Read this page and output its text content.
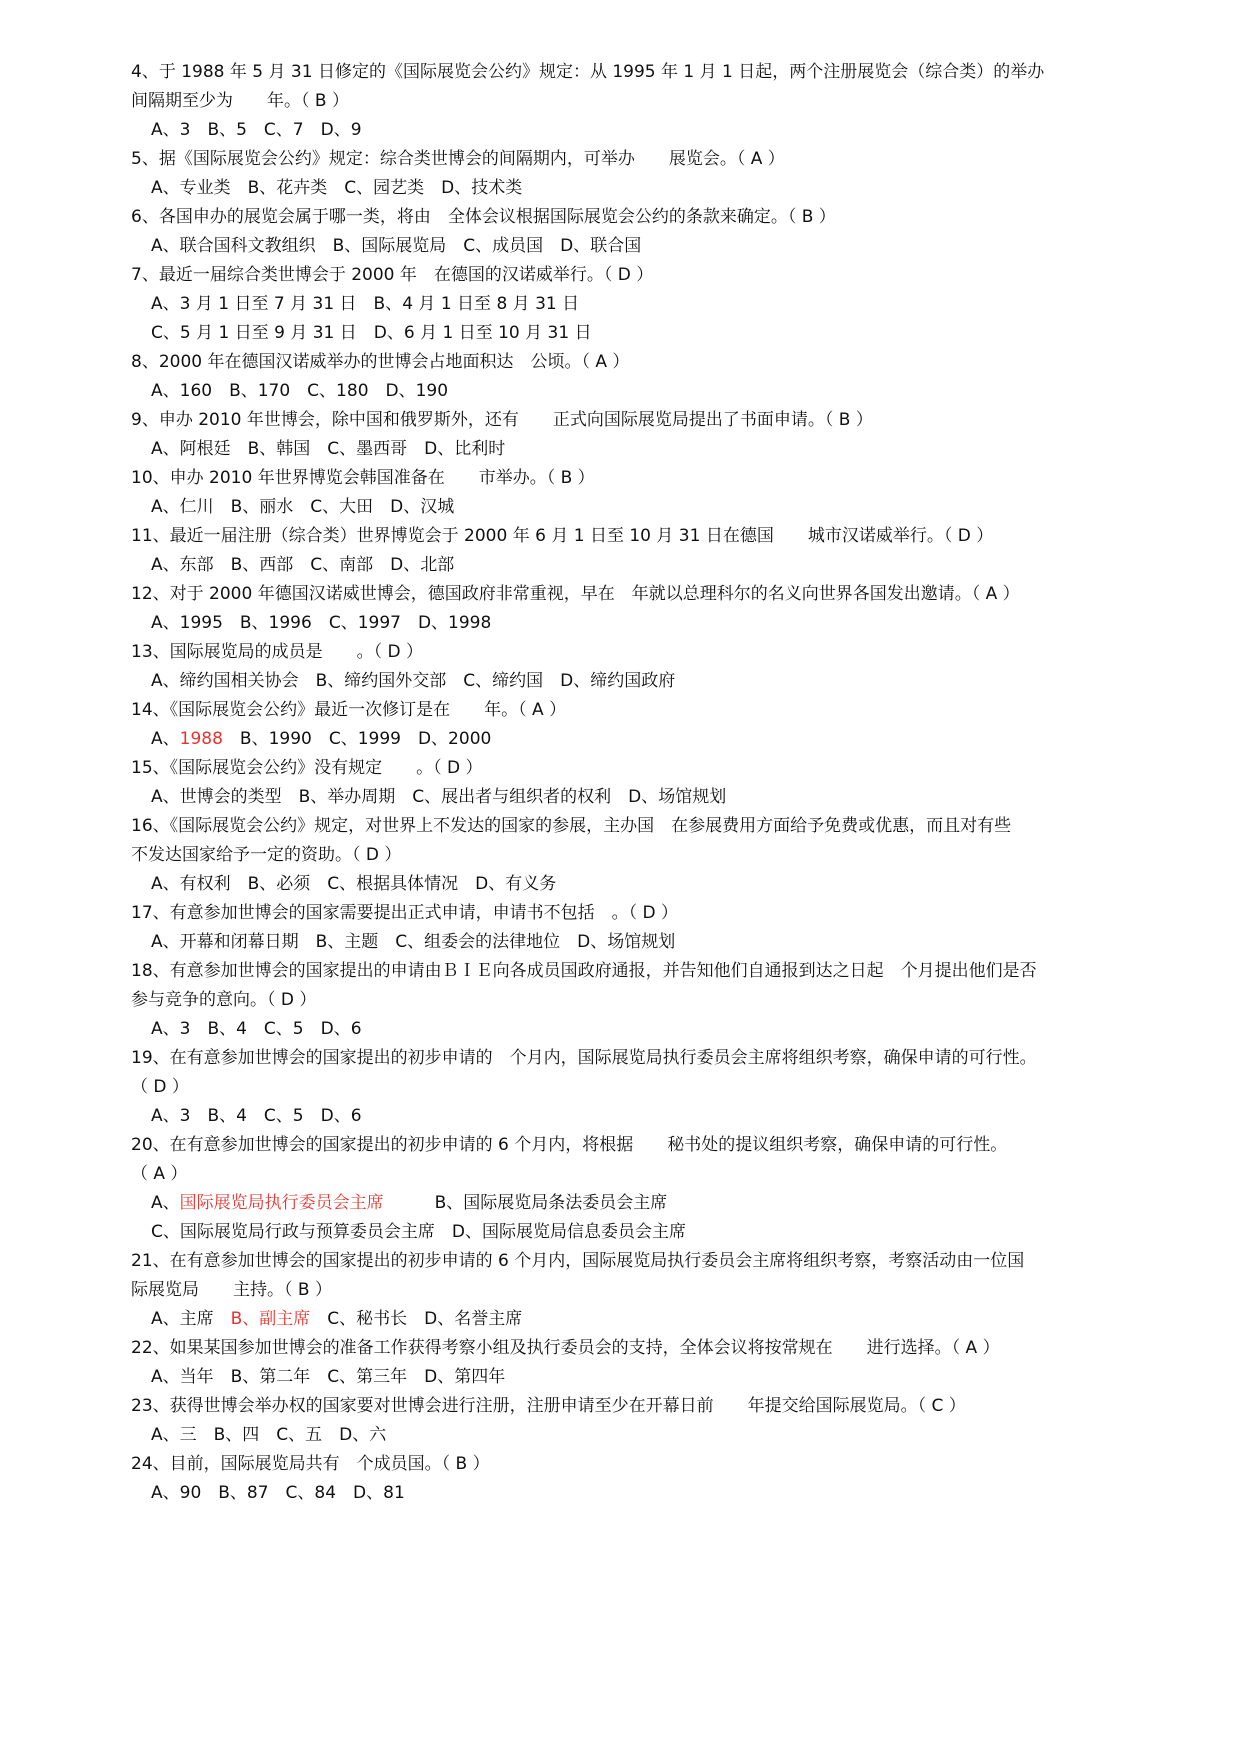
4、于 1988 年 5 月 31 日修定的《国际展览会公约》规定：从 1995 年 1 月 1 日起，两个注册展览会（综合类）的举办

间隔期至少为　　年。（ B ）

A、3　B、5　C、7　D、9

5、据《国际展览会公约》规定：综合类世博会的间隔期内，可举办　　展览会。（ A ）

A、专业类　B、花卉类　C、园艺类　D、技术类

6、各国申办的展览会属于哪一类，将由　全体会议根据国际展览会公约的条款来确定。（ B ）

A、联合国科文教组织　B、国际展览局　C、成员国　D、联合国

7、最近一届综合类世博会于 2000 年　在德国的汉诺威举行。（ D ）

A、3 月 1 日至 7 月 31 日　B、4 月 1 日至 8 月 31 日

C、5 月 1 日至 9 月 31 日　D、6 月 1 日至 10 月 31 日

8、2000 年在德国汉诺威举办的世博会占地面积达　公顷。（ A ）

A、160　B、170　C、180　D、190

9、申办 2010 年世博会，除中国和俄罗斯外，还有　　正式向国际展览局提出了书面申请。（ B ）

A、阿根廷　B、韩国　C、墨西哥　D、比利时

10、申办 2010 年世界博览会韩国准备在　　市举办。（ B ）

A、仁川　B、丽水　C、大田　D、汉城

11、最近一届注册（综合类）世界博览会于 2000 年 6 月 1 日至 10 月 31 日在德国　　城市汉诺威举行。（ D ）

A、东部　B、西部　C、南部　D、北部

12、对于 2000 年德国汉诺威世博会，德国政府非常重视，早在　年就以总理科尔的名义向世界各国发出邀请。（ A ）

A、1995　B、1996　C、1997　D、1998

13、国际展览局的成员是　　。（ D ）

A、缔约国相关协会　B、缔约国外交部　C、缔约国　D、缔约国政府

14、《国际展览会公约》最近一次修订是在　　年。（ A ）

A、1988　B、1990　C、1999　D、2000

15、《国际展览会公约》没有规定　　。（ D ）

A、世博会的类型　B、举办周期　C、展出者与组织者的权利　D、场馆规划

16、《国际展览会公约》规定，对世界上不发达的国家的参展，主办国　在参展费用方面给予免费或优惠，而且对有些

不发达国家给予一定的资助。（ D ）

A、有权利　B、必须　C、根据具体情况　D、有义务

17、有意参加世博会的国家需要提出正式申请，申请书不包括　。（ D ）

A、开幕和闭幕日期　B、主题　C、组委会的法律地位　D、场馆规划

18、有意参加世博会的国家提出的申请由ＢＩＥ向各成员国政府通报，并告知他们自通报到达之日起　个月提出他们是否

参与竞争的意向。（ D ）

A、3　B、4　C、5　D、6

19、在有意参加世博会的国家提出的初步申请的　个月内，国际展览局执行委员会主席将组织考察，确保申请的可行性。

（ D ）

A、3　B、4　C、5　D、6

20、在有意参加世博会的国家提出的初步申请的 6 个月内，将根据　　秘书处的提议组织考察，确保申请的可行性。

（ A ）

A、国际展览局执行委员会主席　　　B、国际展览局条法委员会主席

C、国际展览局行政与预算委员会主席　D、国际展览局信息委员会主席

21、在有意参加世博会的国家提出的初步申请的 6 个月内，国际展览局执行委员会主席将组织考察，考察活动由一位国

际展览局　　主持。（ B ）

A、主席　B、副主席　C、秘书长　D、名誉主席

22、如果某国参加世博会的准备工作获得考察小组及执行委员会的支持，全体会议将按常规在　　进行选择。（ A ）

A、当年　B、第二年　C、第三年　D、第四年

23、获得世博会举办权的国家要对世博会进行注册，注册申请至少在开幕日前　　年提交给国际展览局。（ C ）

A、三　B、四　C、五　D、六

24、目前，国际展览局共有　个成员国。（ B ）

A、90　B、87　C、84　D、81
